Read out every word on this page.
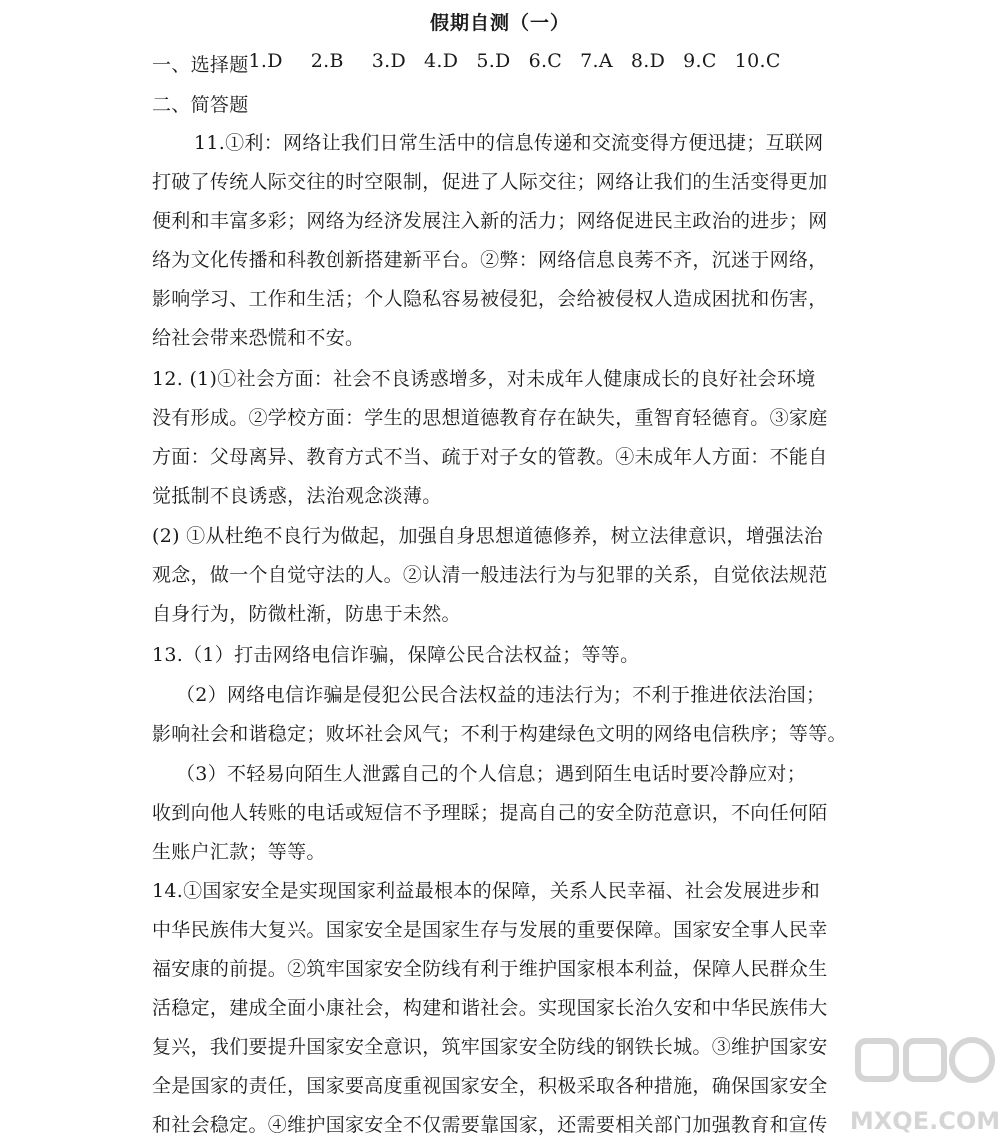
假期自测（一）
一、选择题 1.D 2.B 3.D 4.D 5.D 6.C 7.A 8.D 9.C 10.C
二、简答题
11.①利：网络让我们日常生活中的信息传递和交流变得方便迅捷；互联网
打破了传统人际交往的时空限制，促进了人际交往；网络让我们的生活变得更加
便利和丰富多彩；网络为经济发展注入新的活力；网络促进民主政治的进步；网
络为文化传播和科教创新搭建新平台。②弊：网络信息良莠不齐，沉迷于网络，
影响学习、工作和生活；个人隐私容易被侵犯，会给被侵权人造成困扰和伤害，
给社会带来恐慌和不安。
12. (1)①社会方面：社会不良诱惑增多，对未成年人健康成长的良好社会环境
没有形成。②学校方面：学生的思想道德教育存在缺失，重智育轻德育。③家庭
方面：父母离异、教育方式不当、疏于对子女的管教。④未成年人方面：不能自
觉抵制不良诱惑，法治观念淡薄。
(2) ①从杜绝不良行为做起，加强自身思想道德修养，树立法律意识，增强法治
观念，做一个自觉守法的人。②认清一般违法行为与犯罪的关系，自觉依法规范
自身行为，防微杜渐，防患于未然。
13.（1）打击网络电信诈骗，保障公民合法权益；等等。
（2）网络电信诈骗是侵犯公民合法权益的违法行为；不利于推进依法治国；
影响社会和谐稳定；败坏社会风气；不利于构建绿色文明的网络电信秩序；等等。
（3）不轻易向陌生人泄露自己的个人信息；遇到陌生电话时要冷静应对；
收到向他人转账的电话或短信不予理睬；提高自己的安全防范意识，不向任何陌
生账户汇款；等等。
14.①国家安全是实现国家利益最根本的保障，关系人民幸福、社会发展进步和
中华民族伟大复兴。国家安全是国家生存与发展的重要保障。国家安全事人民幸
福安康的前提。②筑牢国家安全防线有利于维护国家根本利益，保障人民群众生
活稳定，建成全面小康社会，构建和谐社会。实现国家长治久安和中华民族伟大
复兴，我们要提升国家安全意识，筑牢国家安全防线的钢铁长城。③维护国家安
全是国家的责任，国家要高度重视国家安全，积极采取各种措施，确保国家安全
和社会稳定。④维护国家安全不仅需要靠国家，还需要相关部门加强教育和宣传 MXQE.COM
